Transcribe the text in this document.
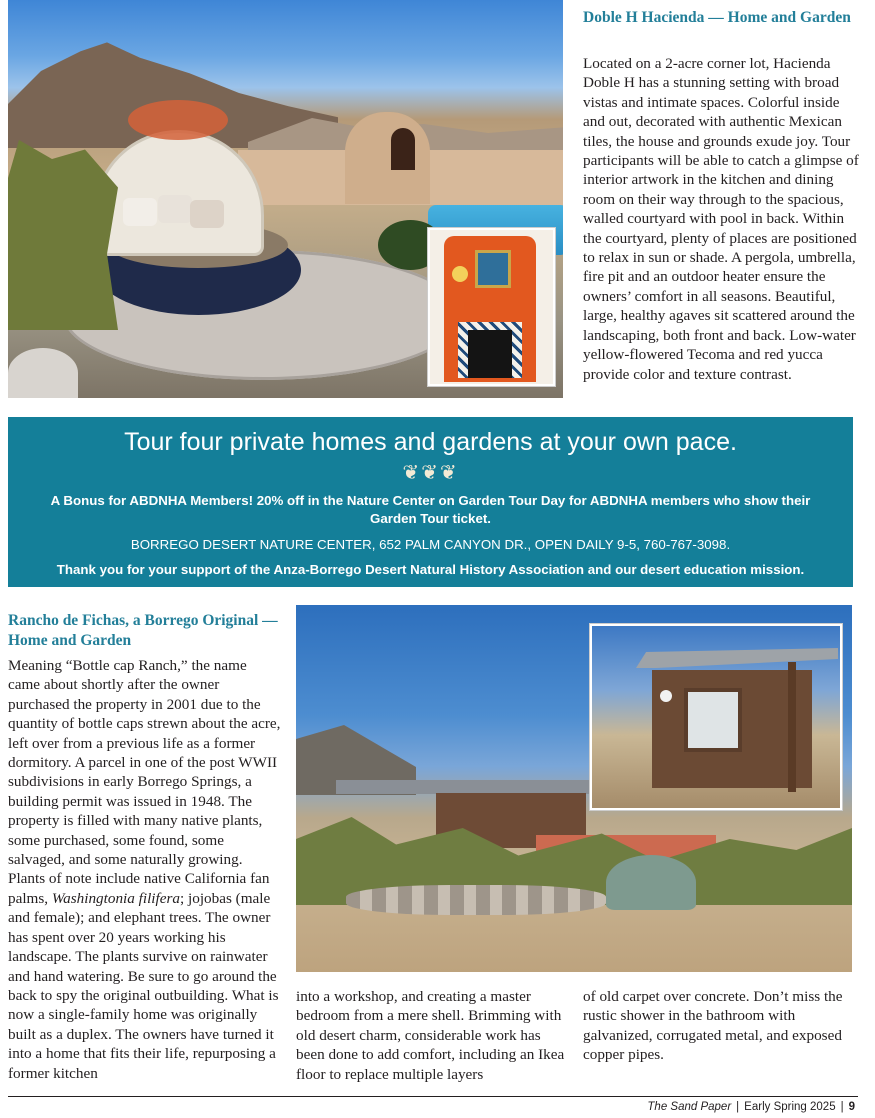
Doble H Hacienda — Home and Garden

Located on a 2-acre corner lot, Hacienda Doble H has a stunning setting with broad vistas and intimate spaces. Colorful inside and out, decorated with authentic Mexican tiles, the house and grounds exude joy. Tour participants will be able to catch a glimpse of interior artwork in the kitchen and dining room on their way through to the spacious, walled courtyard with pool in back. Within the courtyard, plenty of places are positioned to relax in sun or shade. A pergola, umbrella, fire pit and an outdoor heater ensure the owners’ comfort in all seasons. Beautiful, large, healthy agaves sit scattered around the landscaping, both front and back. Low-water yellow-flowered Tecoma and red yucca provide color and texture contrast.

Tour four private homes and gardens at your own pace.
❦❦❦

A Bonus for ABDNHA Members! 20% off in the Nature Center on Garden Tour Day for ABDNHA members who show their Garden Tour ticket.

BORREGO DESERT NATURE CENTER, 652 PALM CANYON DR., OPEN DAILY 9-5, 760-767-3098.

Thank you for your support of the Anza-Borrego Desert Natural History Association and our desert education mission.

Rancho de Fichas, a Borrego Original — Home and Garden

Meaning “Bottle cap Ranch,” the name came about shortly after the owner purchased the property in 2001 due to the quantity of bottle caps strewn about the acre, left over from a previous life as a former dormitory. A parcel in one of the post WWII subdivisions in early Borrego Springs, a building permit was issued in 1948. The property is filled with many native plants, some purchased, some found, some salvaged, and some naturally growing. Plants of note include native California fan palms, Washingtonia filifera; jojobas (male and female); and elephant trees. The owner has spent over 20 years working his landscape. The plants survive on rainwater and hand watering. Be sure to go around the back to spy the original outbuilding. What is now a single-family home was originally built as a duplex. The owners have turned it into a home that fits their life, repurposing a former kitchen

into a workshop, and creating a master bedroom from a mere shell. Brimming with old desert charm, considerable work has been done to add comfort, including an Ikea floor to replace multiple layers

of old carpet over concrete. Don’t miss the rustic shower in the bathroom with galvanized, corrugated metal, and exposed copper pipes.

The Sand Paper | Early Spring 2025 | 9
